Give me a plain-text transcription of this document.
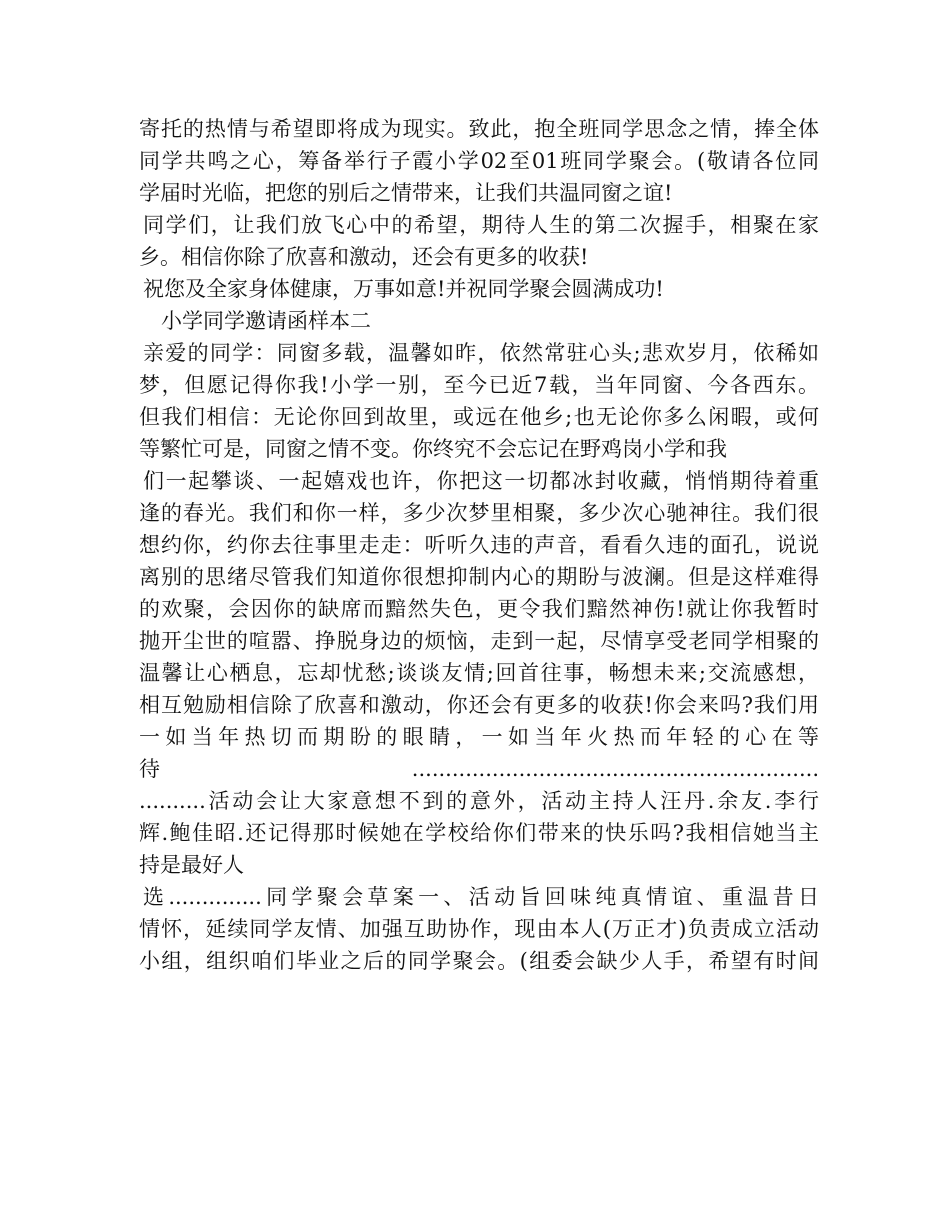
寄托的热情与希望即将成为现实。致此，抱全班同学思念之情，捧全体
同学共鸣之心，筹备举行子霞小学02至01班同学聚会。(敬请各位同
学届时光临，把您的别后之情带来，让我们共温同窗之谊!
同学们，让我们放飞心中的希望，期待人生的第二次握手，相聚在家
乡。相信你除了欣喜和激动，还会有更多的收获!
祝您及全家身体健康，万事如意!并祝同学聚会圆满成功!
小学同学邀请函样本二
亲爱的同学：同窗多载，温馨如昨，依然常驻心头;悲欢岁月，依稀如
梦，但愿记得你我!小学一别，至今已近7载，当年同窗、今各西东。
但我们相信：无论你回到故里，或远在他乡;也无论你多么闲暇，或何
等繁忙可是，同窗之情不变。你终究不会忘记在野鸡岗小学和我
们一起攀谈、一起嬉戏也许，你把这一切都冰封收藏，悄悄期待着重
逢的春光。我们和你一样，多少次梦里相聚，多少次心驰神往。我们很
想约你，约你去往事里走走：听听久违的声音，看看久违的面孔，说说
离别的思绪尽管我们知道你很想抑制内心的期盼与波澜。但是这样难得
的欢聚，会因你的缺席而黯然失色，更令我们黯然神伤!就让你我暂时
抛开尘世的喧嚣、挣脱身边的烦恼，走到一起，尽情享受老同学相聚的
温馨让心栖息，忘却忧愁;谈谈友情;回首往事，畅想未来;交流感想，
相互勉励相信除了欣喜和激动，你还会有更多的收获!你会来吗?我们用
一如当年热切而期盼的眼睛，一如当年火热而年轻的心在等
待.............................................................
..........活动会让大家意想不到的意外，活动主持人汪丹.余友.李行
辉.鲍佳昭.还记得那时候她在学校给你们带来的快乐吗?我相信她当主
持是最好人
选..............同学聚会草案一、活动旨回味纯真情谊、重温昔日
情怀，延续同学友情、加强互助协作，现由本人(万正才)负责成立活动
小组，组织咱们毕业之后的同学聚会。(组委会缺少人手，希望有时间
